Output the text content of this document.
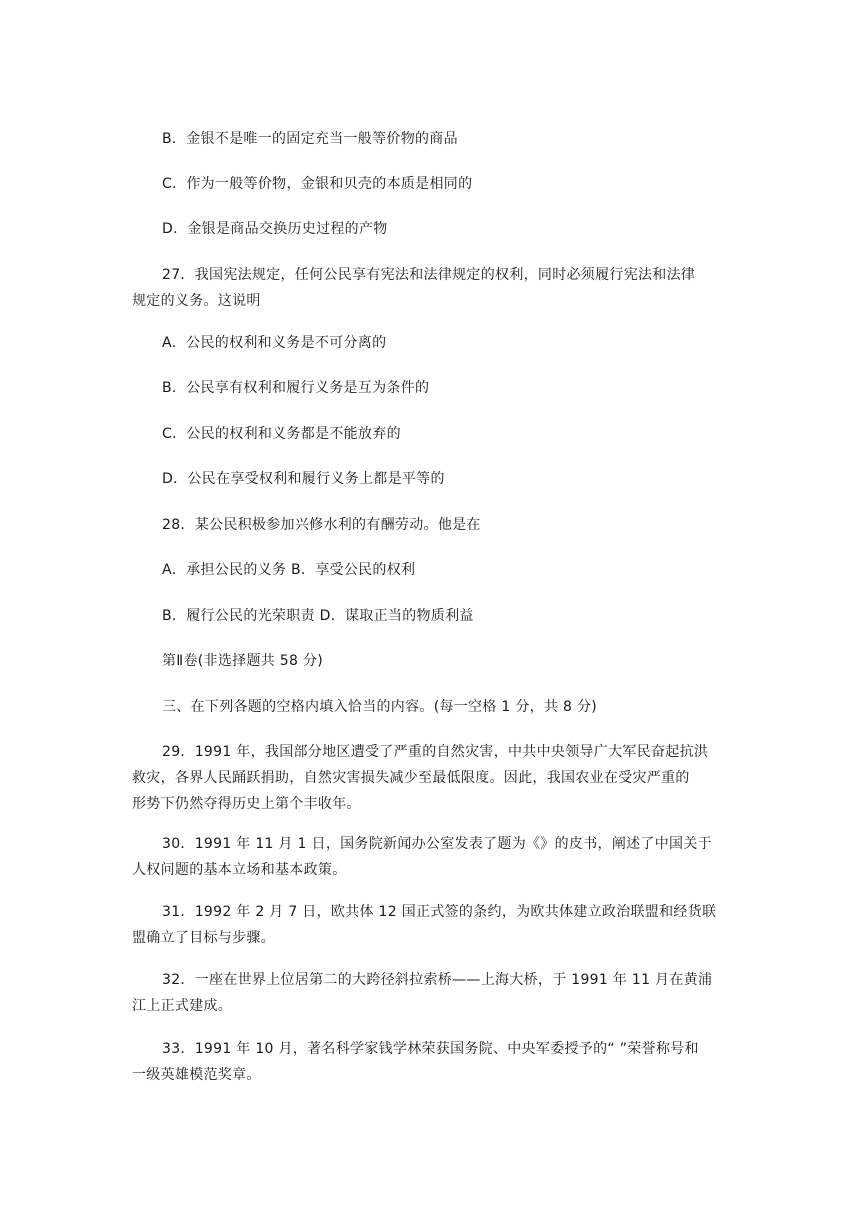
B．金银不是唯一的固定充当一般等价物的商品
C．作为一般等价物，金银和贝壳的本质是相同的
D．金银是商品交换历史过程的产物
27．我国宪法规定，任何公民享有宪法和法律规定的权利，同时必须履行宪法和法律
规定的义务。这说明
A．公民的权利和义务是不可分离的
B．公民享有权利和履行义务是互为条件的
C．公民的权利和义务都是不能放弃的
D．公民在享受权利和履行义务上都是平等的
28．某公民积极参加兴修水利的有酬劳动。他是在
A．承担公民的义务 B．享受公民的权利
B．履行公民的光荣职责 D．谋取正当的物质利益
第Ⅱ卷(非选择题共 58 分)
三、在下列各题的空格内填入恰当的内容。(每一空格 1 分，共 8 分)
29．1991 年，我国部分地区遭受了严重的自然灾害，中共中央领导广大军民奋起抗洪
救灾，各界人民踊跃捐助，自然灾害损失减少至最低限度。因此，我国农业在受灾严重的
形势下仍然夺得历史上第个丰收年。
30．1991 年 11 月 1 日，国务院新闻办公室发表了题为《》的皮书，阐述了中国关于
人权问题的基本立场和基本政策。
31．1992 年 2 月 7 日，欧共体 12 国正式签的条约，为欧共体建立政治联盟和经货联
盟确立了目标与步骤。
32．一座在世界上位居第二的大跨径斜拉索桥——上海大桥，于 1991 年 11 月在黄浦
江上正式建成。
33．1991 年 10 月，著名科学家钱学林荣获国务院、中央军委授予的“ ”荣誉称号和
一级英雄模范奖章。
